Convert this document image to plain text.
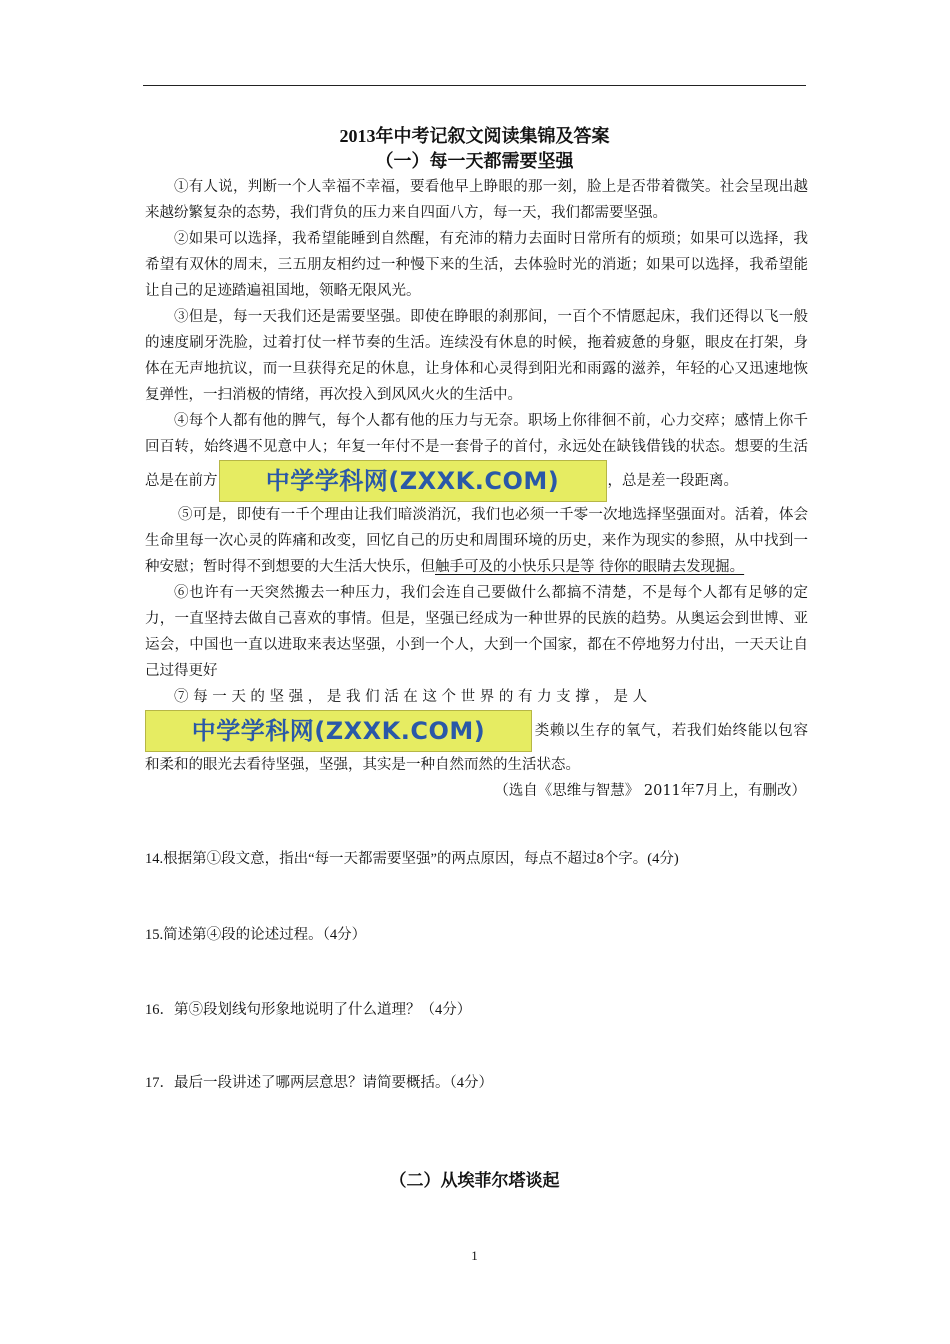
2013年中考记叙文阅读集锦及答案
（一）每一天都需要坚强

①有人说，判断一个人幸福不幸福，要看他早上睁眼的那一刻，脸上是否带着微笑。社会呈现出越来越纷繁复杂的态势，我们背负的压力来自四面八方，每一天，我们都需要坚强。

②如果可以选择，我希望能睡到自然醒，有充沛的精力去面时日常所有的烦琐；如果可以选择，我希望有双休的周末，三五朋友相约过一种慢下来的生活，去体验时光的消逝；如果可以选择，我希望能让自己的足迹踏遍祖国地，领略无限风光。

③但是，每一天我们还是需要坚强。即使在睁眼的刹那间，一百个不情愿起床，我们还得以飞一般的速度刷牙洗脸，过着打仗一样节奏的生活。连续没有休息的时候，拖着疲惫的身躯，眼皮在打架，身体在无声地抗议，而一旦获得充足的休息，让身体和心灵得到阳光和雨露的滋养，年轻的心又迅速地恢复弹性，一扫消极的情绪，再次投入到风风火火的生活中。

④每个人都有他的脾气，每个人都有他的压力与无奈。职场上你徘徊不前，心力交瘁；感情上你千回百转，始终遇不见意中人；年复一年付不是一套骨子的首付，永远处在缺钱借钱的状态。想要的生活总是在前方 中学学科网(ZXXK.COM)	，总是差一段距离。

⑤可是，即使有一千个理由让我们暗淡消沉，我们也必须一千零一次地选择坚强面对。活着，体会生命里每一次心灵的阵痛和改变，回忆自己的历史和周围环境的历史，来作为现实的参照，从中找到一种安慰；暂时得不到想要的大生活大快乐，但触手可及的小快乐只是等 待你的眼睛去发现掘。

⑥也许有一天突然搬去一种压力，我们会连自己要做什么都搞不清楚，不是每个人都有足够的定力，一直坚持去做自己喜欢的事情。但是，坚强已经成为一种世界的民族的趋势。从奥运会到世博、亚运会，中国也一直以进取来表达坚强，小到一个人，大到一个国家，都在不停地努力付出，一天天让自己过得更好

⑦ 每 一 天 的 坚 强 ， 是 我 们 活 在 这 个 世 界 的 有 力 支 撑 ， 是 人
中学学科网(ZXXK.COM)	类赖以生存的氧气，若我们始终能以包容和柔和的眼光去看待坚强，坚强，其实是一种自然而然的生活状态。

（选自《思维与智慧》 2011年7月上，有删改）

14.根据第①段文意，指出“每一天都需要坚强”的两点原因，每点不超过8个字。(4分)
15.简述第④段的论述过程。（4分）
16．第⑤段划线句形象地说明了什么道理？（4分）
17．最后一段讲述了哪两层意思？请简要概括。（4分）
（二）从埃菲尔塔谈起
1
